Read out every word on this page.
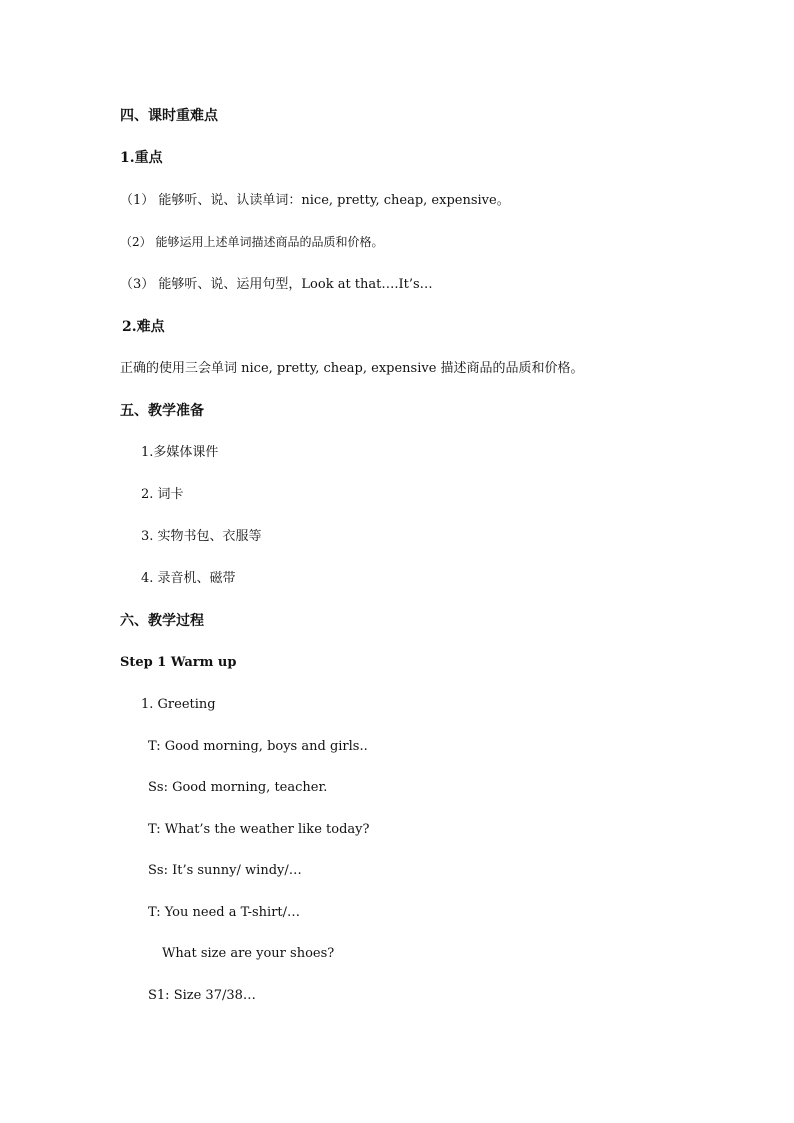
四、课时重难点
1.重点
（1） 能够听、说、认读单词：nice, pretty, cheap, expensive。
（2） 能够运用上述单词描述商品的品质和价格。
（3） 能够听、说、运用句型，Look at that….It’s…
2.难点
正确的使用三会单词 nice, pretty, cheap, expensive 描述商品的品质和价格。
五、教学准备
1.多媒体课件
2. 词卡
3. 实物书包、衣服等
4. 录音机、磁带
六、教学过程
Step 1 Warm up
1. Greeting
T: Good morning, boys and girls..
Ss: Good morning, teacher.
T: What’s the weather like today?
Ss: It’s sunny/ windy/…
T: You need a T-shirt/…
What size are your shoes?
S1: Size 37/38…
